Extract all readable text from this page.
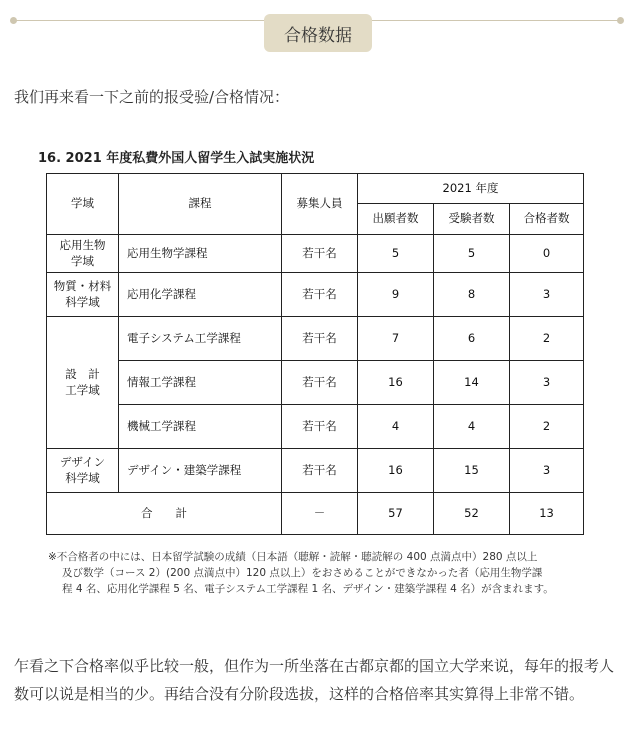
合格数据
我们再来看一下之前的报受验/合格情况：
16. 2021 年度私費外国人留学生入試実施状況
学域	課程	募集人員	2021 年度		
			出願者数	受験者数	合格者数

応用生物
学域	応用生物学課程	若干名	5	5	0

物質・材料
科学域	応用化学課程	若干名	9	8	3

設　計
工学域	電子システム工学課程	若干名	7	6	2
	情報工学課程	若干名	16	14	3
	機械工学課程	若干名	4	4	2

デザイン
科学域	デザイン・建築学課程	若干名	16	15	3
合　　計		－	57	52	13
※不合格者の中には、日本留学試験の成績（日本語（聴解・読解・聴読解の 400 点満点中）280 点以上
及び数学（コース 2）(200 点満点中）120 点以上）をおさめることができなかった者（応用生物学課
程 4 名、応用化学課程 5 名、電子システム工学課程 1 名、デザイン・建築学課程 4 名）が含まれます。
乍看之下合格率似乎比较一般，但作为一所坐落在古都京都的国立大学来说，每年的报考人数可以说是相当的少。再结合没有分阶段选拔，这样的合格倍率其实算得上非常不错。
